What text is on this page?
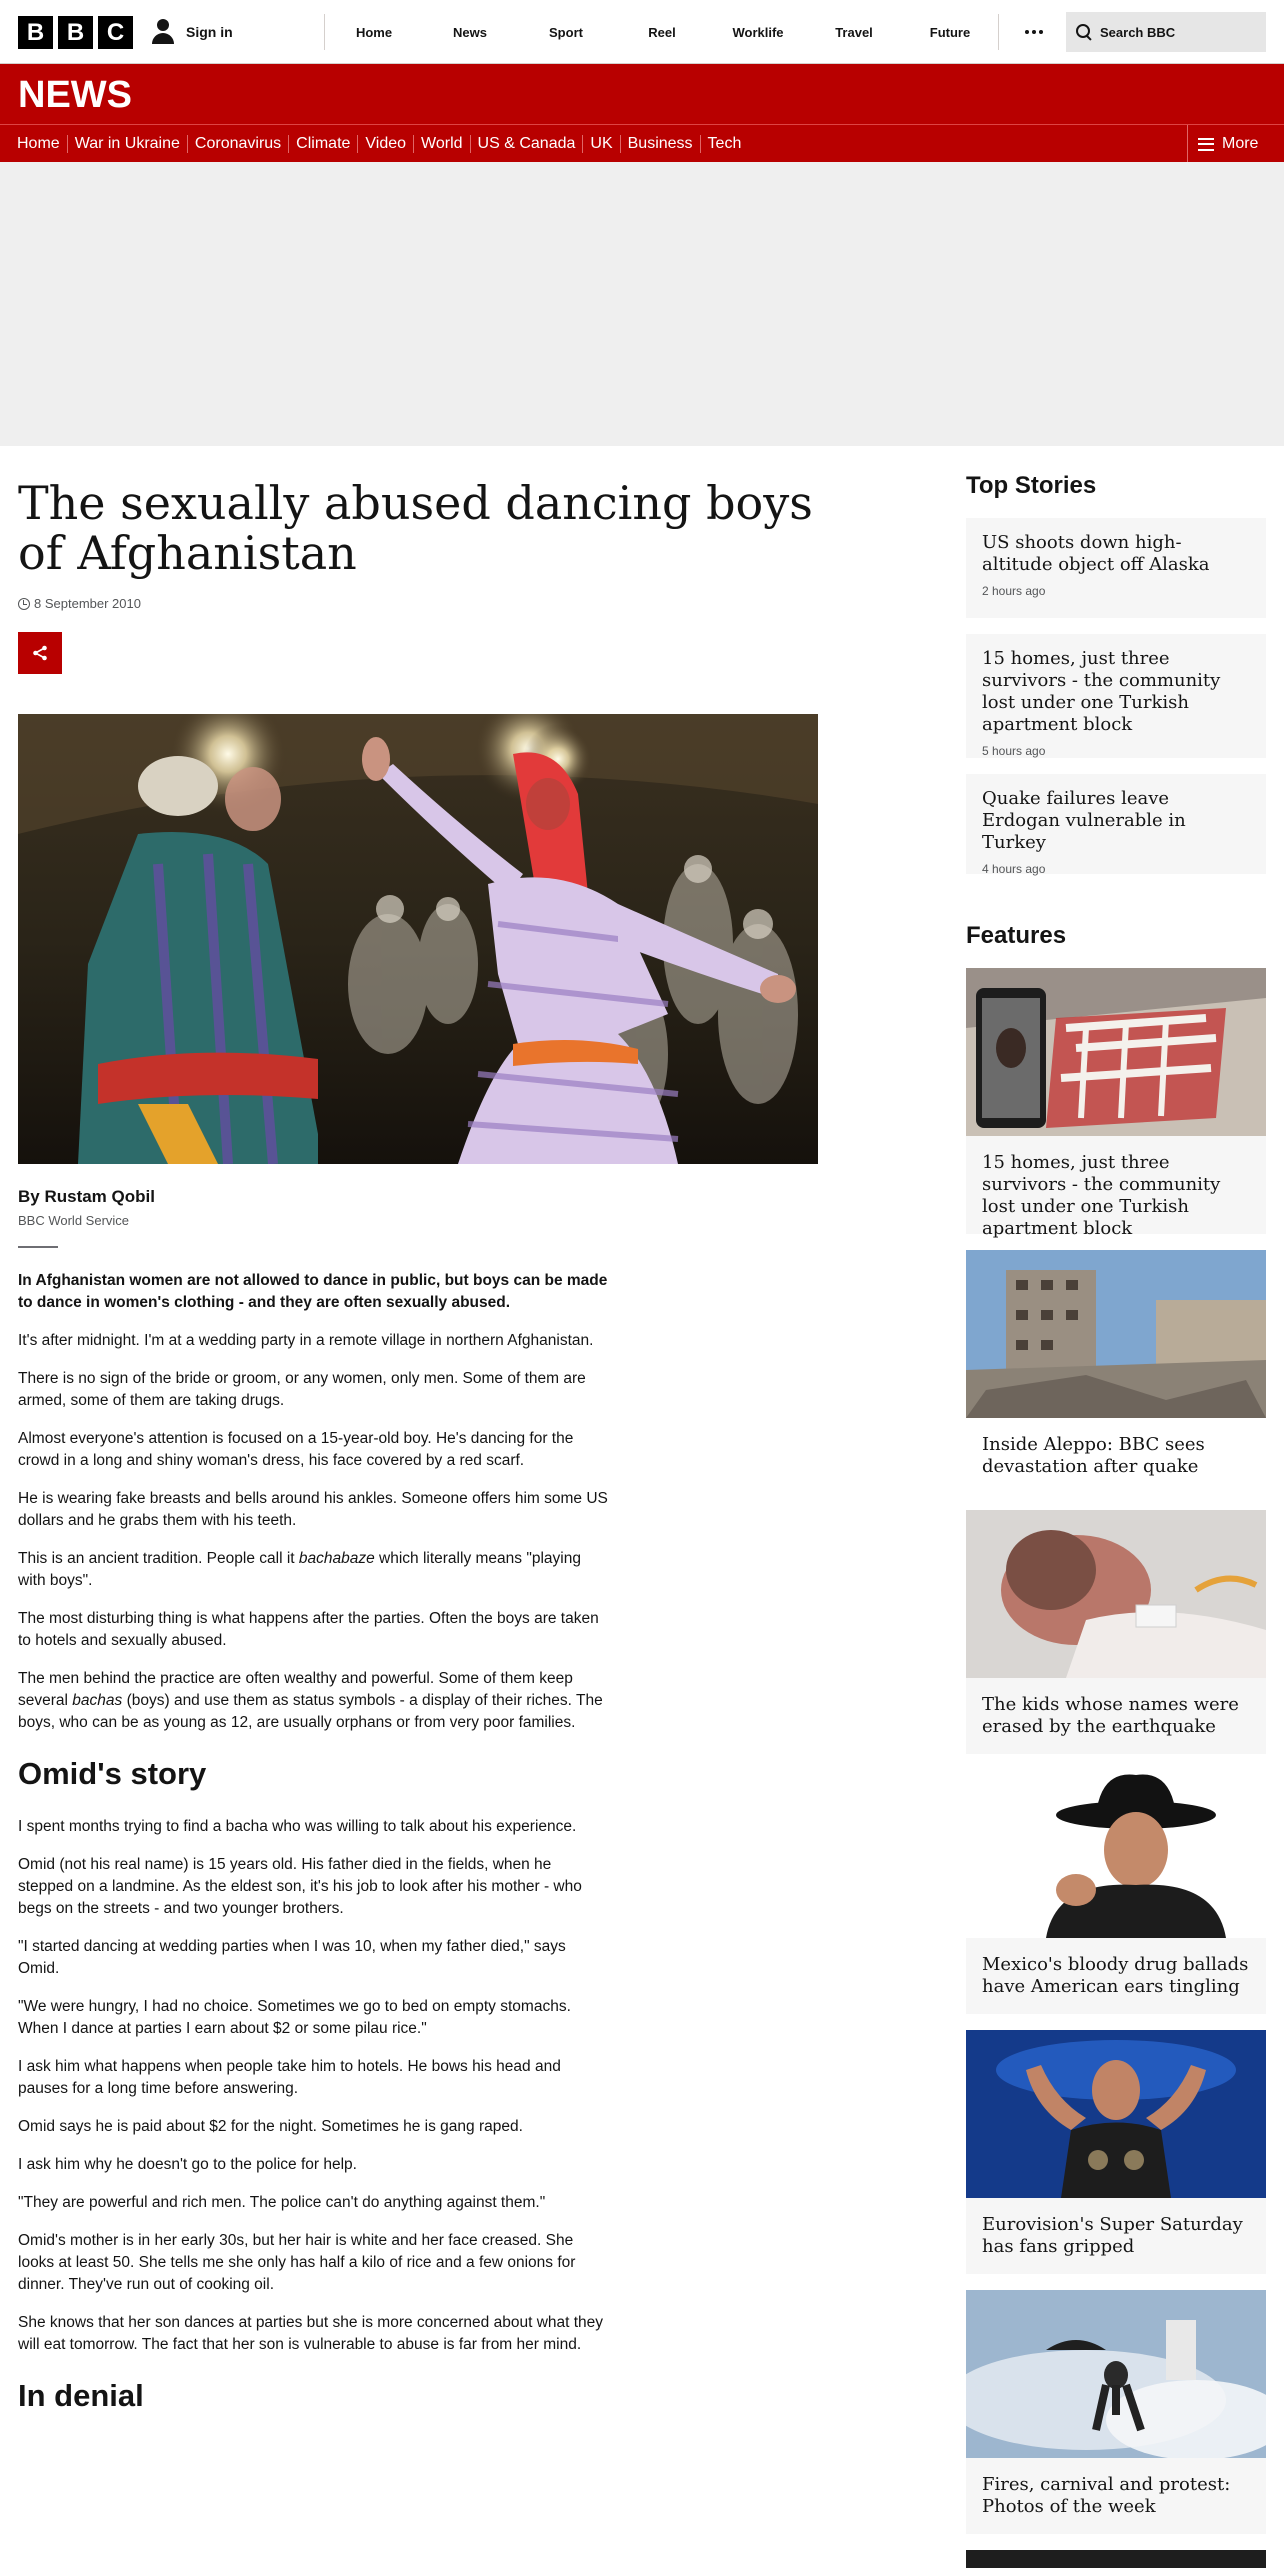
B B C	Sign in	Home	News	Sport	Reel	Worklife	Travel	Future	Search BBC
NEWS
Home War in Ukraine Coronavirus Climate Video World US & Canada UK Business Tech	More
The sexually abused dancing boys of Afghanistan
8 September 2010
By Rustam Qobil
BBC World Service

In Afghanistan women are not allowed to dance in public, but boys can be made to dance in women's clothing - and they are often sexually abused.

It's after midnight. I'm at a wedding party in a remote village in northern Afghanistan.

There is no sign of the bride or groom, or any women, only men. Some of them are armed, some of them are taking drugs.

Almost everyone's attention is focused on a 15-year-old boy. He's dancing for the crowd in a long and shiny woman's dress, his face covered by a red scarf.

He is wearing fake breasts and bells around his ankles. Someone offers him some US dollars and he grabs them with his teeth.

This is an ancient tradition. People call it bachabaze which literally means "playing with boys".

The most disturbing thing is what happens after the parties. Often the boys are taken to hotels and sexually abused.

The men behind the practice are often wealthy and powerful. Some of them keep several bachas (boys) and use them as status symbols - a display of their riches. The boys, who can be as young as 12, are usually orphans or from very poor families.

Omid's story

I spent months trying to find a bacha who was willing to talk about his experience.

Omid (not his real name) is 15 years old. His father died in the fields, when he stepped on a landmine. As the eldest son, it's his job to look after his mother - who begs on the streets - and two younger brothers.

"I started dancing at wedding parties when I was 10, when my father died," says Omid.

"We were hungry, I had no choice. Sometimes we go to bed on empty stomachs. When I dance at parties I earn about $2 or some pilau rice."

I ask him what happens when people take him to hotels. He bows his head and pauses for a long time before answering.

Omid says he is paid about $2 for the night. Sometimes he is gang raped.

I ask him why he doesn't go to the police for help.

"They are powerful and rich men. The police can't do anything against them."

Omid's mother is in her early 30s, but her hair is white and her face creased. She looks at least 50. She tells me she only has half a kilo of rice and a few onions for dinner. They've run out of cooking oil.

She knows that her son dances at parties but she is more concerned about what they will eat tomorrow. The fact that her son is vulnerable to abuse is far from her mind.

In denial
Top Stories
US shoots down high-altitude object off Alaska
2 hours ago
15 homes, just three survivors - the community lost under one Turkish apartment block
5 hours ago
Quake failures leave Erdogan vulnerable in Turkey
4 hours ago
Features
15 homes, just three survivors - the community lost under one Turkish apartment block
Inside Aleppo: BBC sees devastation after quake
The kids whose names were erased by the earthquake
Mexico's bloody drug ballads have American ears tingling
Eurovision's Super Saturday has fans gripped
Fires, carnival and protest: Photos of the week
